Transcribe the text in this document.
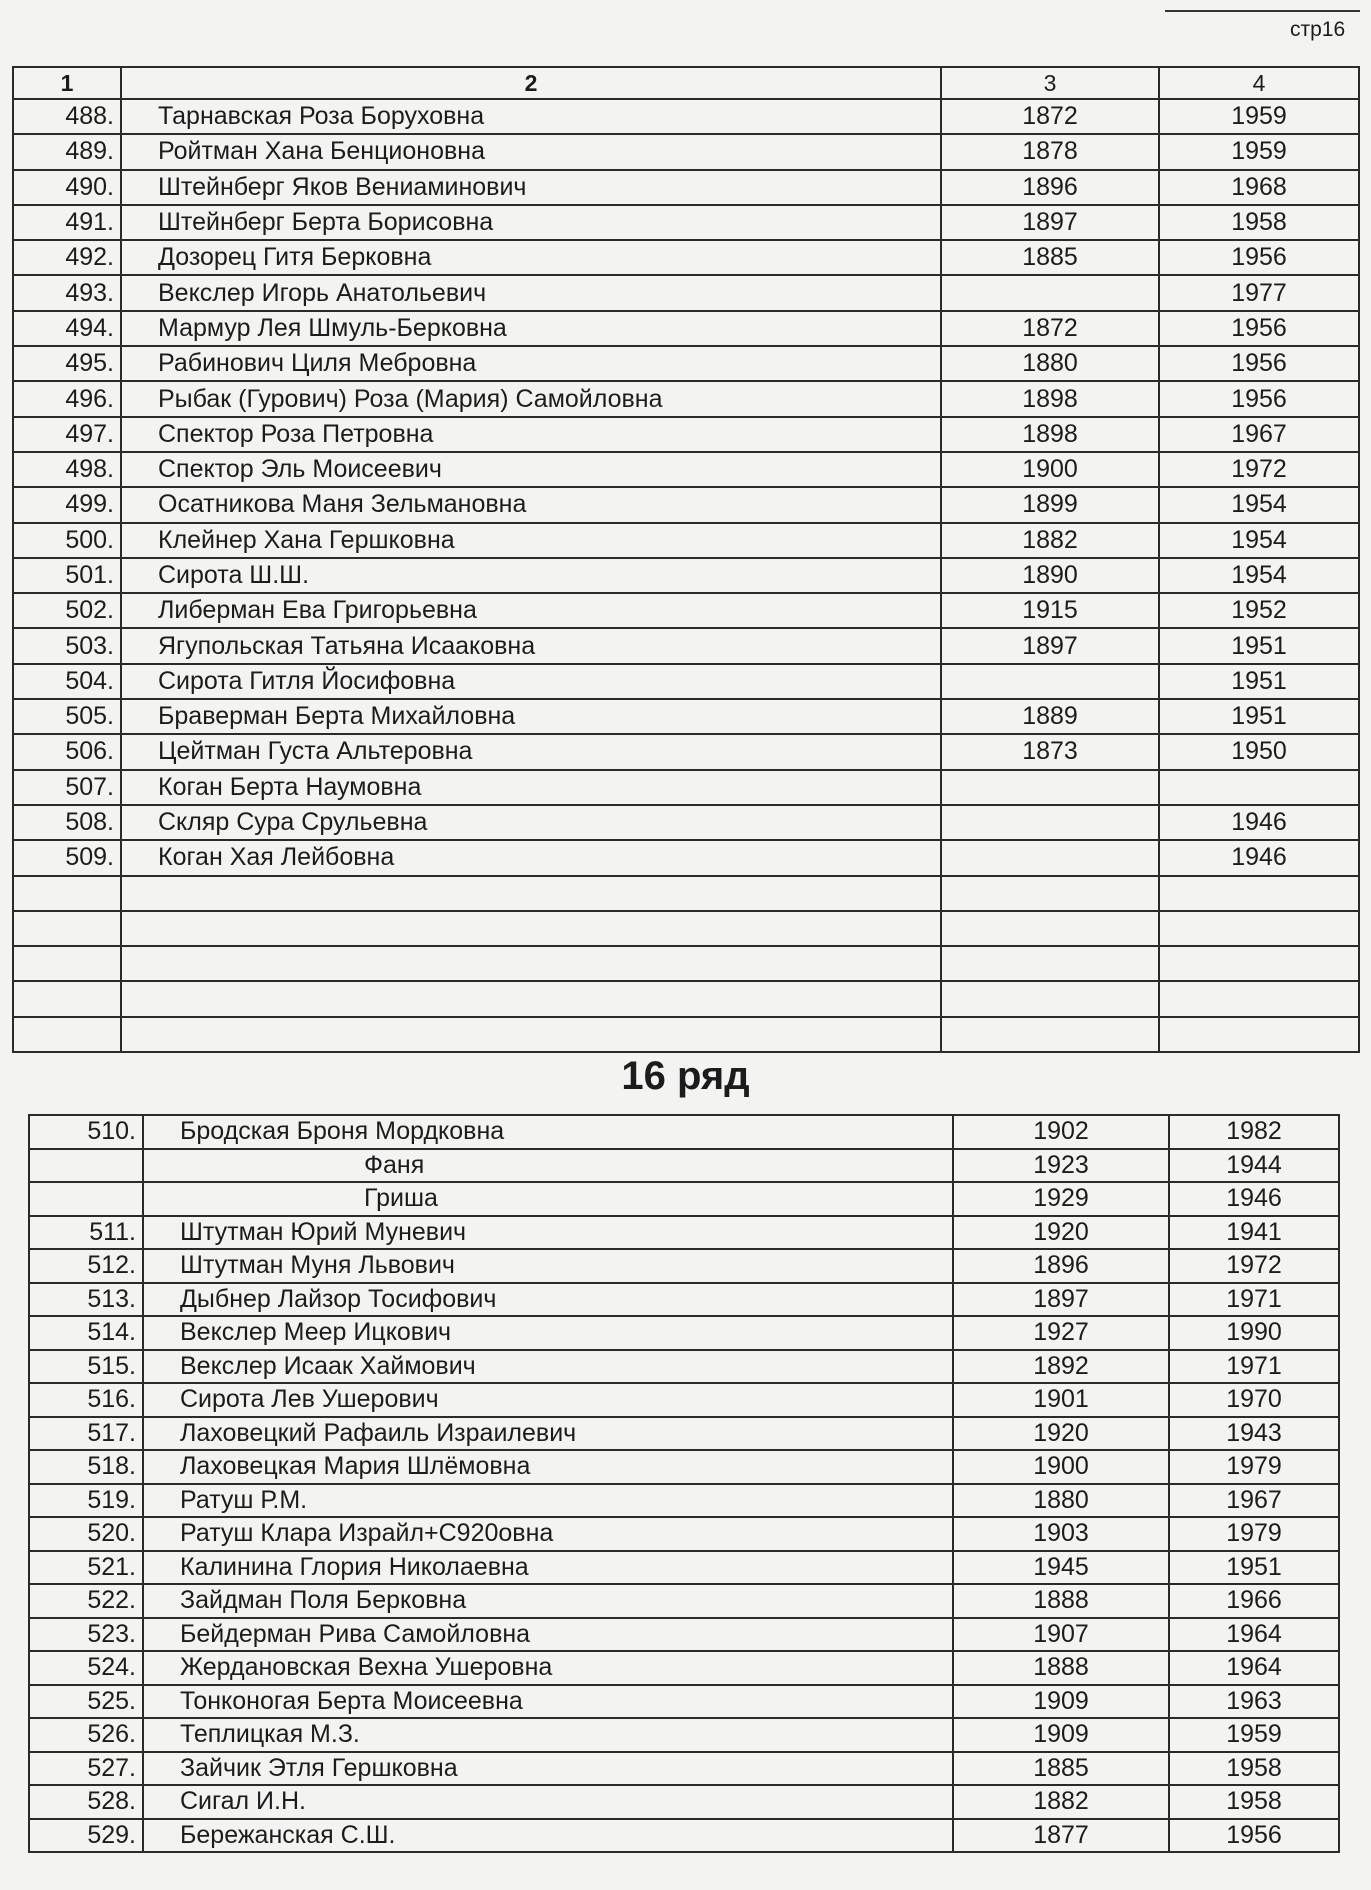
стр16
1	2	3	4
488.	Тарнавская Роза Боруховна	1872	1959
489.	Ройтман Хана Бенционовна	1878	1959
490.	Штейнберг Яков Вениаминович	1896	1968
491.	Штейнберг Берта Борисовна	1897	1958
492.	Дозорец Гитя Берковна	1885	1956
493.	Векслер Игорь Анатольевич		1977
494.	Мармур Лея Шмуль-Берковна	1872	1956
495.	Рабинович Циля Мебровна	1880	1956
496.	Рыбак (Гурович) Роза (Мария) Самойловна	1898	1956
497.	Спектор Роза Петровна	1898	1967
498.	Спектор Эль Моисеевич	1900	1972
499.	Осатникова Маня Зельмановна	1899	1954
500.	Клейнер Хана Гершковна	1882	1954
501.	Сирота Ш.Ш.	1890	1954
502.	Либерман Ева Григорьевна	1915	1952
503.	Ягупольская Татьяна Исааковна	1897	1951
504.	Сирота Гитля Йосифовна		1951
505.	Браверман Берта Михайловна	1889	1951
506.	Цейтман Густа Альтеровна	1873	1950
507.	Коган Берта Наумовна		
508.	Скляр Сура Срульевна		1946
509.	Коган Хая Лейбовна		1946

16 ряд
510.	Бродская Броня Мордковна	1902	1982
	Фаня	1923	1944
	Гриша	1929	1946
511.	Штутман Юрий Муневич	1920	1941
512.	Штутман Муня Львович	1896	1972
513.	Дыбнер Лайзор Тосифович	1897	1971
514.	Векслер Меер Ицкович	1927	1990
515.	Векслер Исаак Хаймович	1892	1971
516.	Сирота Лев Ушерович	1901	1970
517.	Лаховецкий Рафаиль Израилевич	1920	1943
518.	Лаховецкая Мария Шлёмовна	1900	1979
519.	Ратуш Р.М.	1880	1967
520.	Ратуш Клара Израйл+C920овна	1903	1979
521.	Калинина Глория Николаевна	1945	1951
522.	Зайдман Поля Берковна	1888	1966
523.	Бейдерман Рива Самойловна	1907	1964
524.	Жердановская Вехна Ушеровна	1888	1964
525.	Тонконогая Берта Моисеевна	1909	1963
526.	Теплицкая М.З.	1909	1959
527.	Зайчик Этля Гершковна	1885	1958
528.	Сигал И.Н.	1882	1958
529.	Бережанская С.Ш.	1877	1956
